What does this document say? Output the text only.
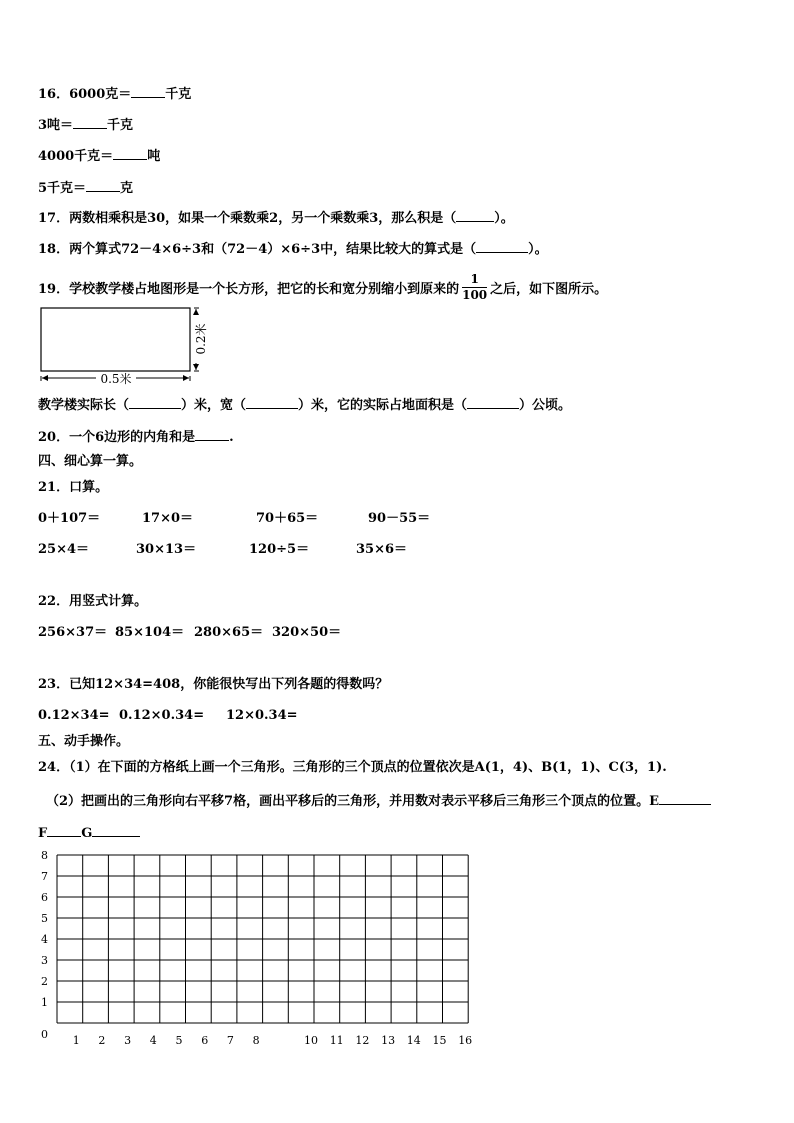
16．6000克＝	千克
3吨＝	千克
4000千克＝	吨
5千克＝	克
17．两数相乘积是30，如果一个乘数乘2，另一个乘数乘3，那么积是（	）。
18．两个算式72－4×6÷3和（72－4）×6÷3中，结果比较大的算式是（	）。
19．学校教学楼占地图形是一个长方形，把它的长和宽分别缩小到原来的 $\frac{1}{100}$ 之后，如下图所示。
0.5米
0.2米
教学楼实际长（	）米，宽（	）米，它的实际占地面积是（	）公顷。
20．一个6边形的内角和是	.
四、细心算一算。
21．口算。
0＋107＝	17×0＝	70＋65＝	90－55＝
25×4＝	30×13＝	120÷5＝	35×6＝
22．用竖式计算。
256×37＝ 85×104＝ 280×65＝ 320×50＝
23．已知12×34=408，你能很快写出下列各题的得数吗？
0.12×34= 0.12×0.34= 12×0.34=
五、动手操作。
24．（1）在下面的方格纸上画一个三角形。三角形的三个顶点的位置依次是A(1，4)、B(1，1)、C(3，1).
（2）把画出的三角形向右平移7格，画出平移后的三角形，并用数对表示平移后三角形三个顶点的位置。E
F	G
0
1
2
3
4
5
6
7
8
1 2 3 4 5 6 7 8	10 11 12 13 14 15 16
